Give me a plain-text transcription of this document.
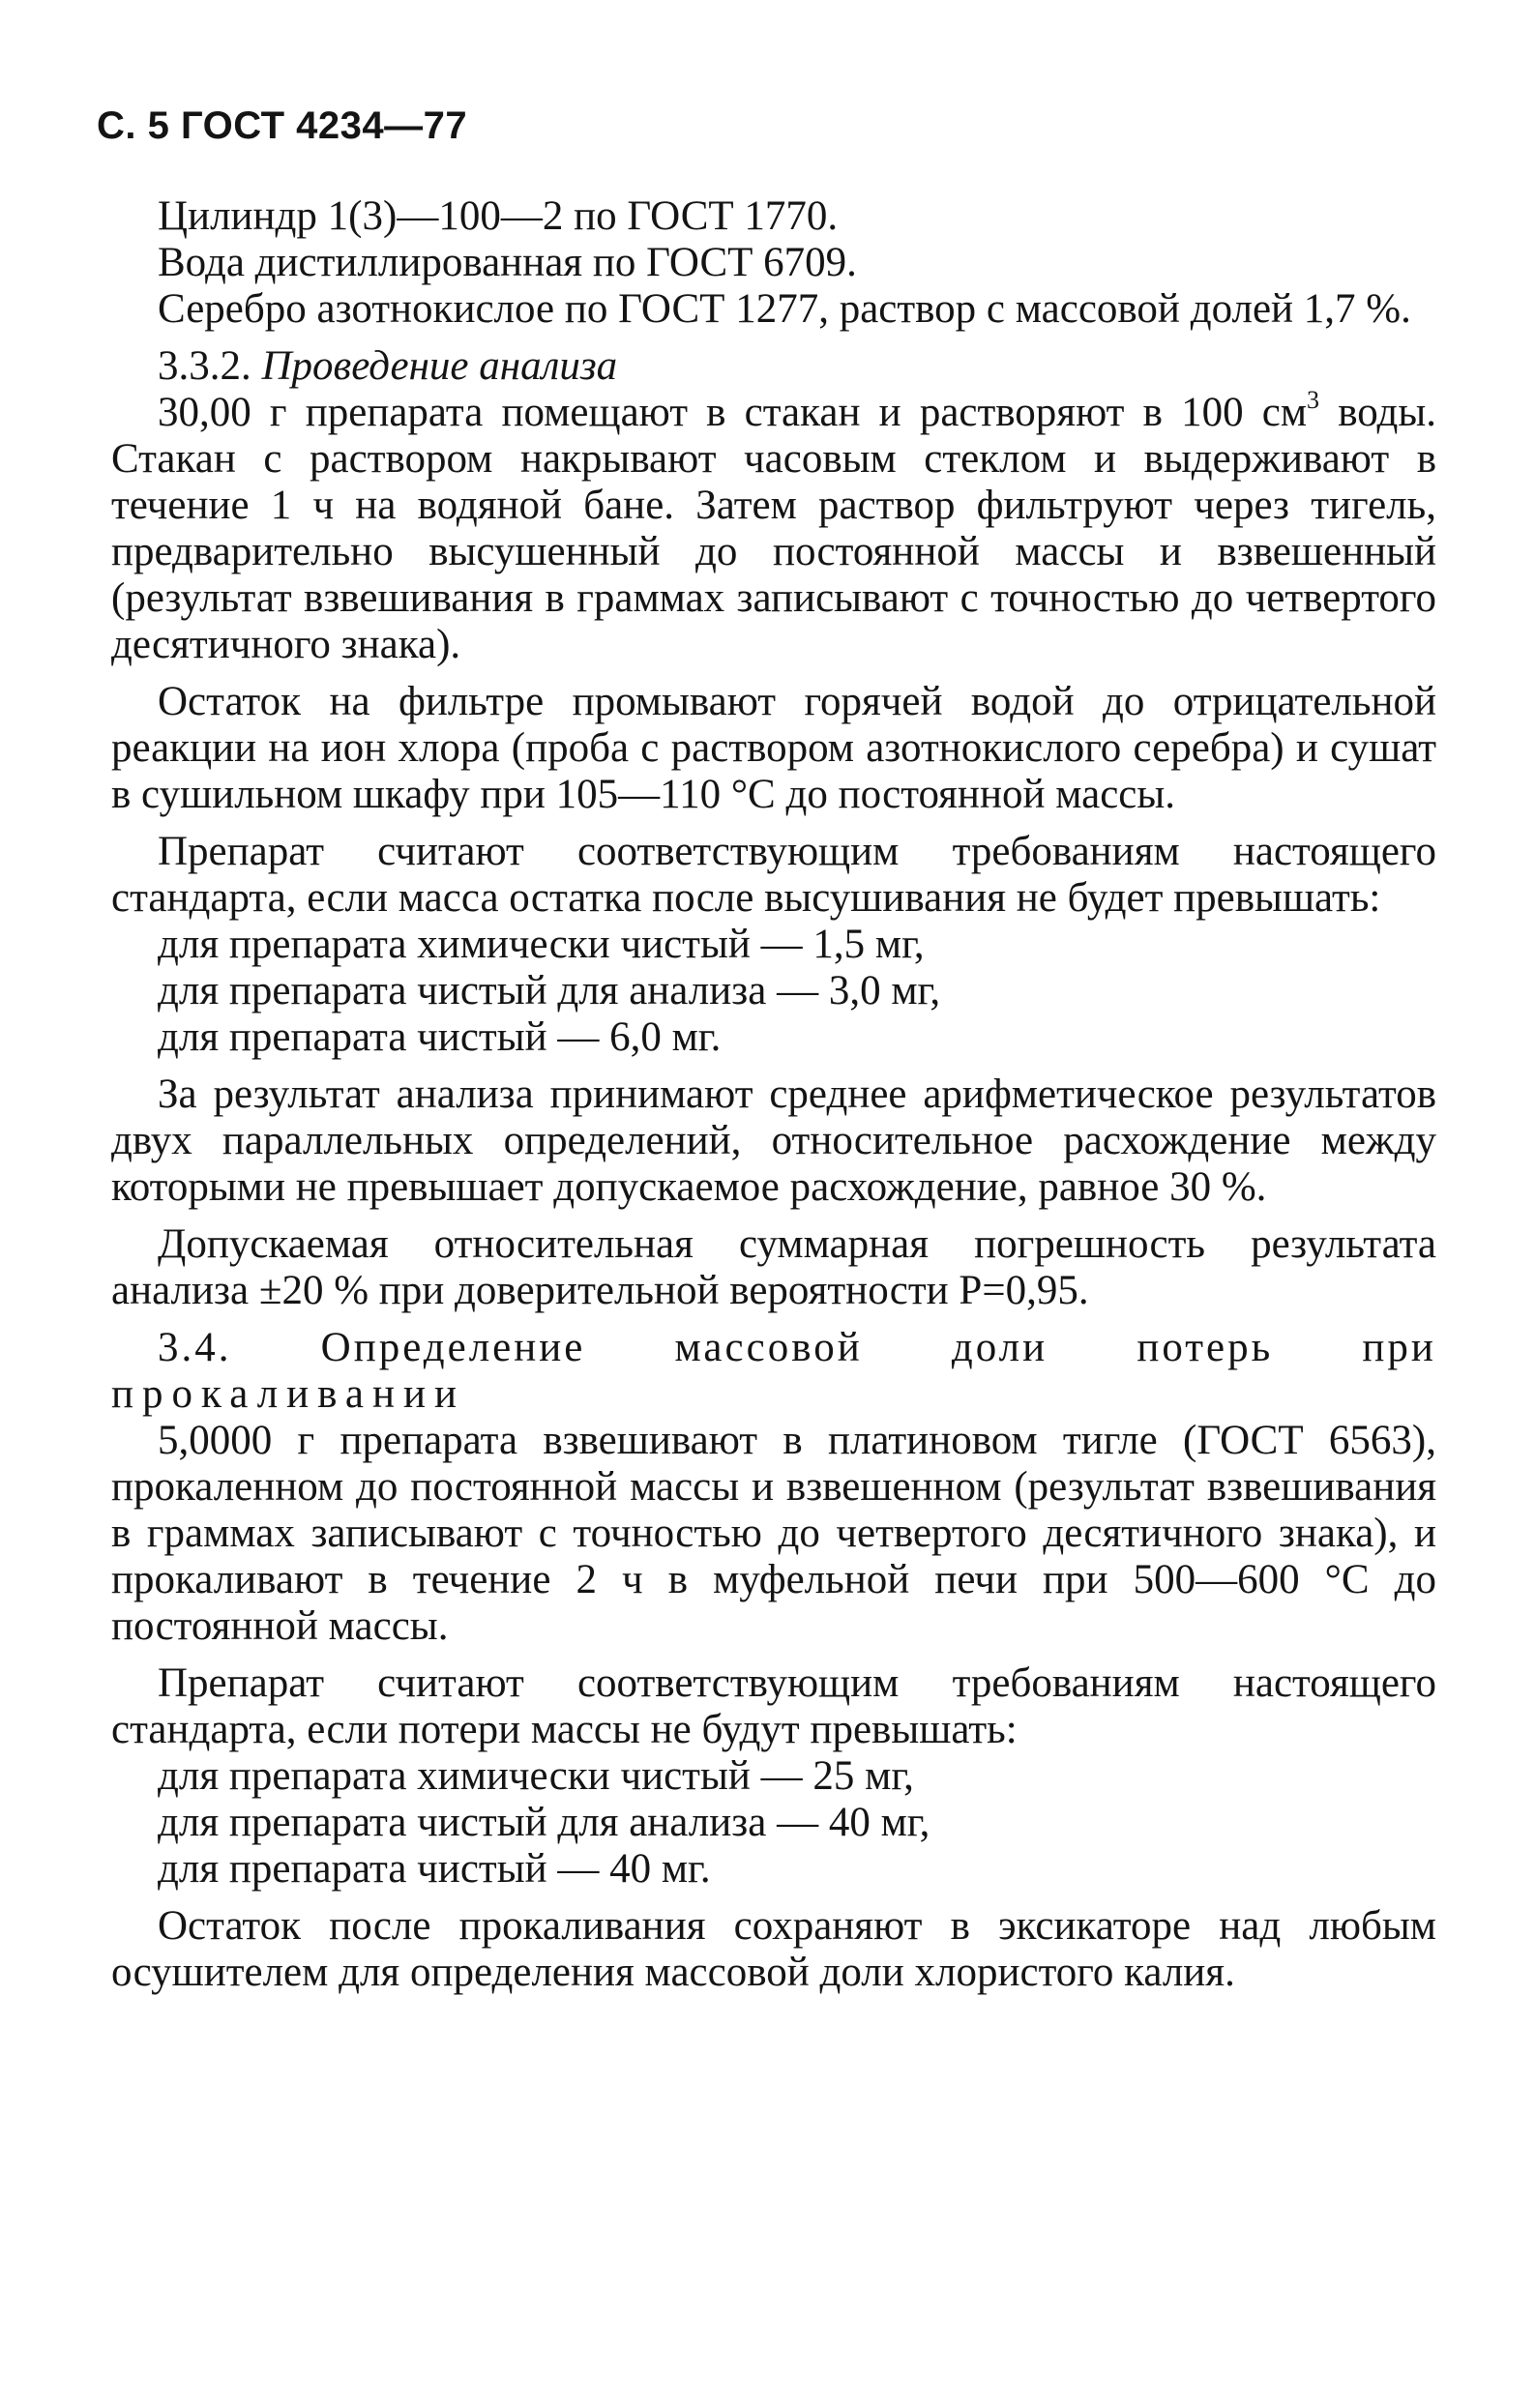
С. 5 ГОСТ 4234—77

Цилиндр 1(3)—100—2 по ГОСТ 1770.

Вода дистиллированная по ГОСТ 6709.

Серебро азотнокислое по ГОСТ 1277, раствор с массовой долей 1,7 %.

3.3.2. Проведение анализа

30,00 г препарата помещают в стакан и растворяют в 100 $см^3$ воды. Стакан с раствором накрывают часовым стеклом и выдерживают в течение 1 ч на водяной бане. Затем раствор фильтруют через тигель, предварительно высушенный до постоянной массы и взвешенный (результат взвешивания в граммах записывают с точностью до четвертого десятичного знака).

Остаток на фильтре промывают горячей водой до отрицательной реакции на ион хлора (проба с раствором азотнокислого серебра) и сушат в сушильном шкафу при 105—110 °С до постоянной массы.

Препарат считают соответствующим требованиям настоящего стандарта, если масса остатка после высушивания не будет превышать:

для препарата химически чистый — 1,5 мг,

для препарата чистый для анализа — 3,0 мг,

для препарата чистый — 6,0 мг.

За результат анализа принимают среднее арифметическое результатов двух параллельных определений, относительное расхождение между которыми не превышает допускаемое расхождение, равное 30 %.

Допускаемая относительная суммарная погрешность результата анализа ±20 % при доверительной вероятности Р=0,95.

3.4. Определение массовой доли потерь при

прокаливании

5,0000 г препарата взвешивают в платиновом тигле (ГОСТ 6563), прокаленном до постоянной массы и взвешенном (результат взвешивания в граммах записывают с точностью до четвертого десятичного знака), и прокаливают в течение 2 ч в муфельной печи при 500—600 °С до постоянной массы.

Препарат считают соответствующим требованиям настоящего стандарта, если потери массы не будут превышать:

для препарата химически чистый — 25 мг,

для препарата чистый для анализа — 40 мг,

для препарата чистый — 40 мг.

Остаток после прокаливания сохраняют в эксикаторе над любым осушителем для определения массовой доли хлористого калия.
